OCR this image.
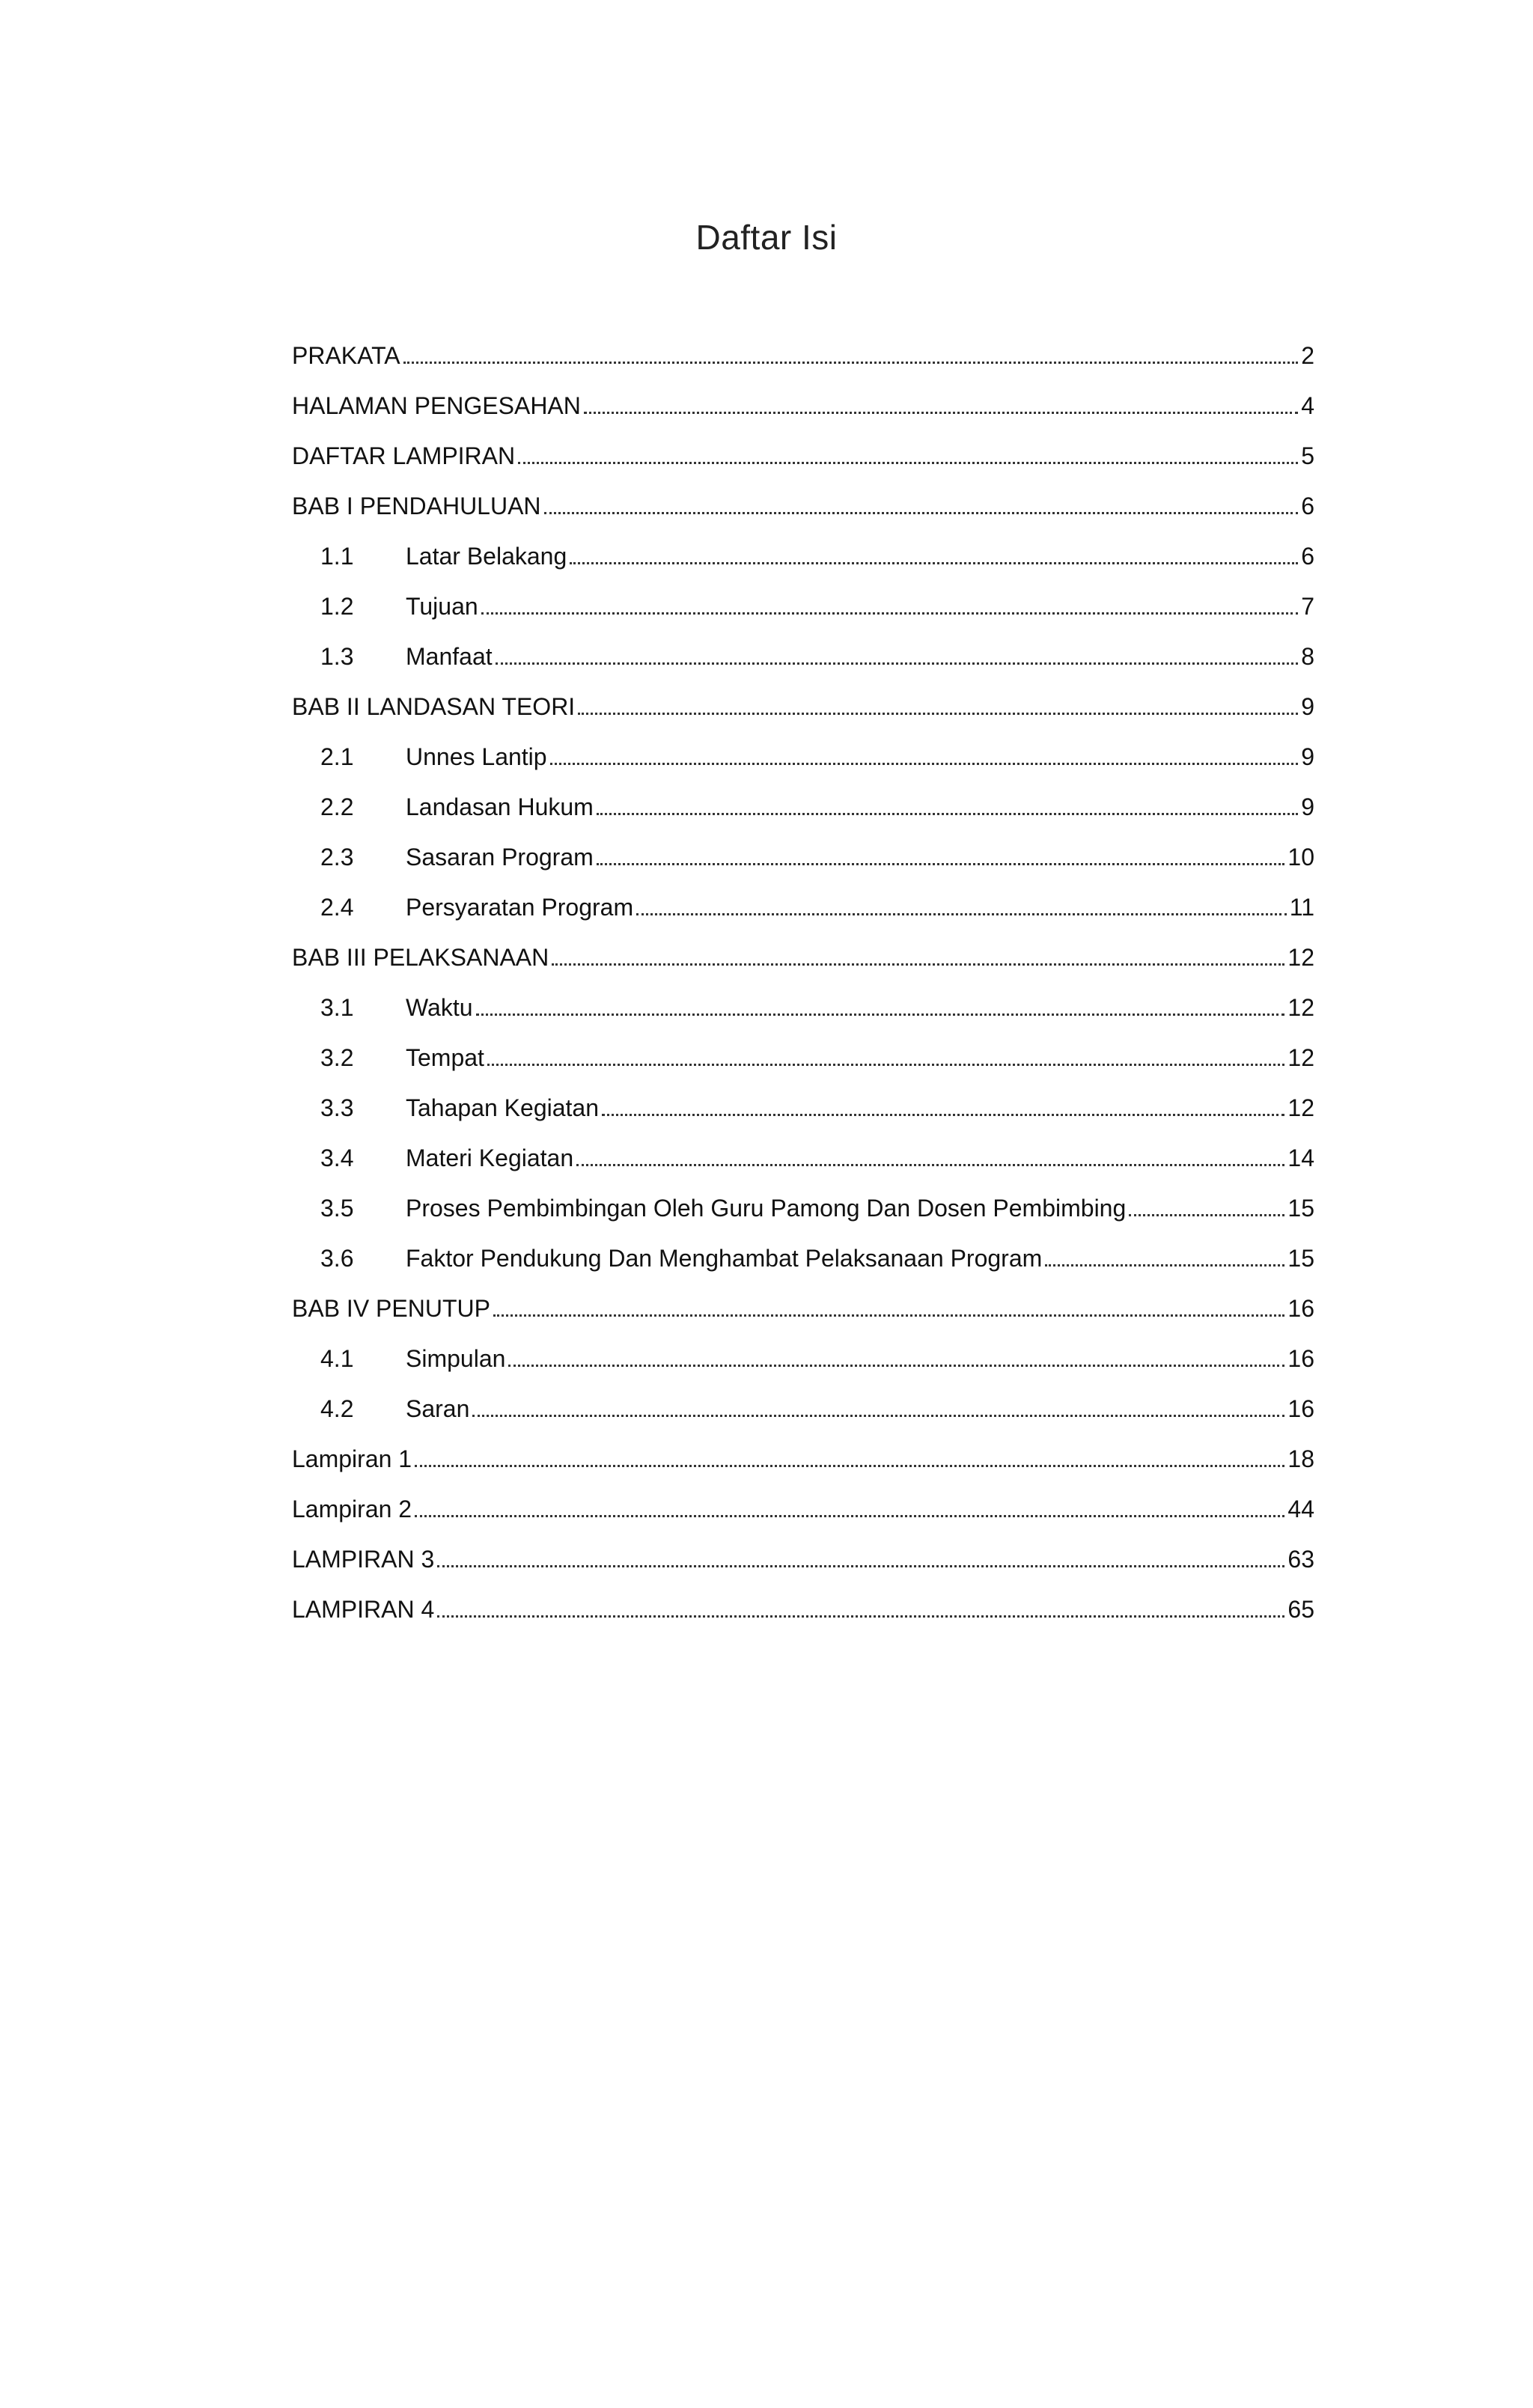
Daftar Isi
PRAKATA	2
HALAMAN PENGESAHAN	4
DAFTAR LAMPIRAN	5
BAB I PENDAHULUAN	6
1.1	Latar Belakang	6
1.2	Tujuan	7
1.3	Manfaat	8
BAB II LANDASAN TEORI	9
2.1	Unnes Lantip	9
2.2	Landasan Hukum	9
2.3	Sasaran Program	10
2.4	Persyaratan Program	11
BAB III PELAKSANAAN	12
3.1	Waktu	12
3.2	Tempat	12
3.3	Tahapan Kegiatan	12
3.4	Materi Kegiatan	14
3.5	Proses Pembimbingan Oleh Guru Pamong Dan Dosen Pembimbing	15
3.6	Faktor Pendukung Dan Menghambat Pelaksanaan Program	15
BAB IV PENUTUP	16
4.1	Simpulan	16
4.2	Saran	16
Lampiran 1	18
Lampiran 2	44
LAMPIRAN 3	63
LAMPIRAN 4	65
